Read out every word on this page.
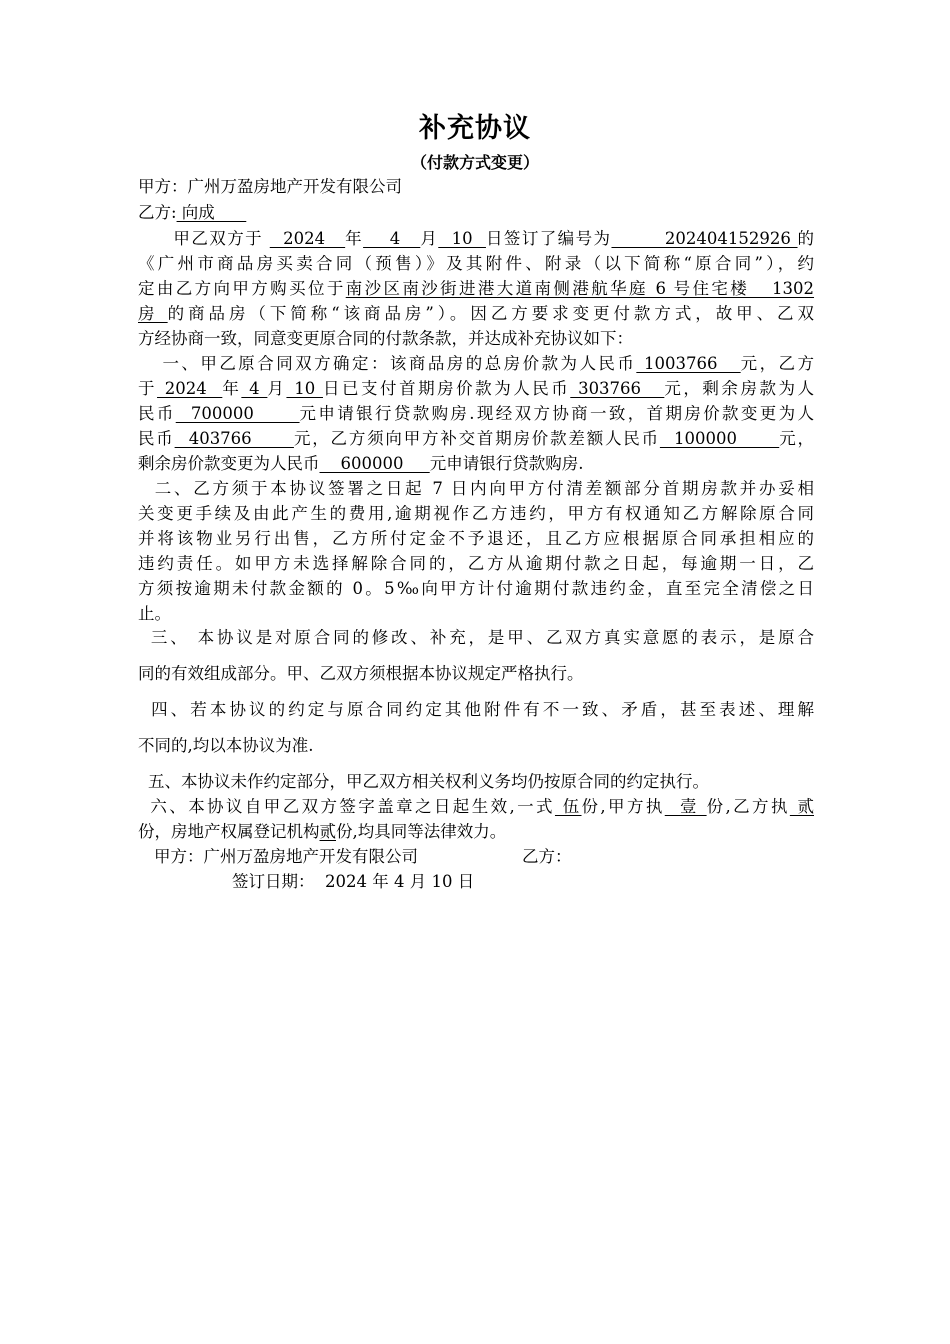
补充协议
（付款方式变更）
甲方：广州万盈房地产开发有限公司
乙方: 向成
甲乙双方于   2024   年    4   月  10  日签订了编号为        202404152926 的
《广州市商品房买卖合同（预售）》及其附件、附录（以下简称“原合同”），约
定由乙方向甲方购买位于南沙区南沙街进港大道南侧港航华庭 6 号住宅楼   1302
房 的商品房（下简称“该商品房”）。因乙方要求变更付款方式，故甲、乙双
方经协商一致，同意变更原合同的付款条款，并达成补充协议如下：
一、甲乙原合同双方确定：该商品房的总房价款为人民币 1003766   元，乙方
于 2024  年 4 月 10 日已支付首期房价款为人民币 303766   元，剩余房款为人
民币  700000      元申请银行贷款购房.现经双方协商一致，首期房价款变更为人
民币  403766      元，乙方须向甲方补交首期房价款差额人民币  100000      元，
剩余房价款变更为人民币    600000     元申请银行贷款购房.
二、乙方须于本协议签署之日起 7 日内向甲方付清差额部分首期房款并办妥相
关变更手续及由此产生的费用,逾期视作乙方违约，甲方有权通知乙方解除原合同
并将该物业另行出售，乙方所付定金不予退还，且乙方应根据原合同承担相应的
违约责任。如甲方未选择解除合同的，乙方从逾期付款之日起，每逾期一日，乙
方须按逾期未付款金额的 0。5‰向甲方计付逾期付款违约金，直至完全清偿之日
止。
三、 本协议是对原合同的修改、补充，是甲、乙双方真实意愿的表示，是原合
同的有效组成部分。甲、乙双方须根据本协议规定严格执行。
四、若本协议的约定与原合同约定其他附件有不一致、矛盾，甚至表述、理解
不同的,均以本协议为准.
五、本协议未作约定部分，甲乙双方相关权利义务均仍按原合同的约定执行。
六、本协议自甲乙双方签字盖章之日起生效,一式 伍份,甲方执  壹 份,乙方执 贰
份，房地产权属登记机构贰份,均具同等法律效力。
甲方：广州万盈房地产开发有限公司	乙方：
签订日期： 2024 年 4 月 10 日
